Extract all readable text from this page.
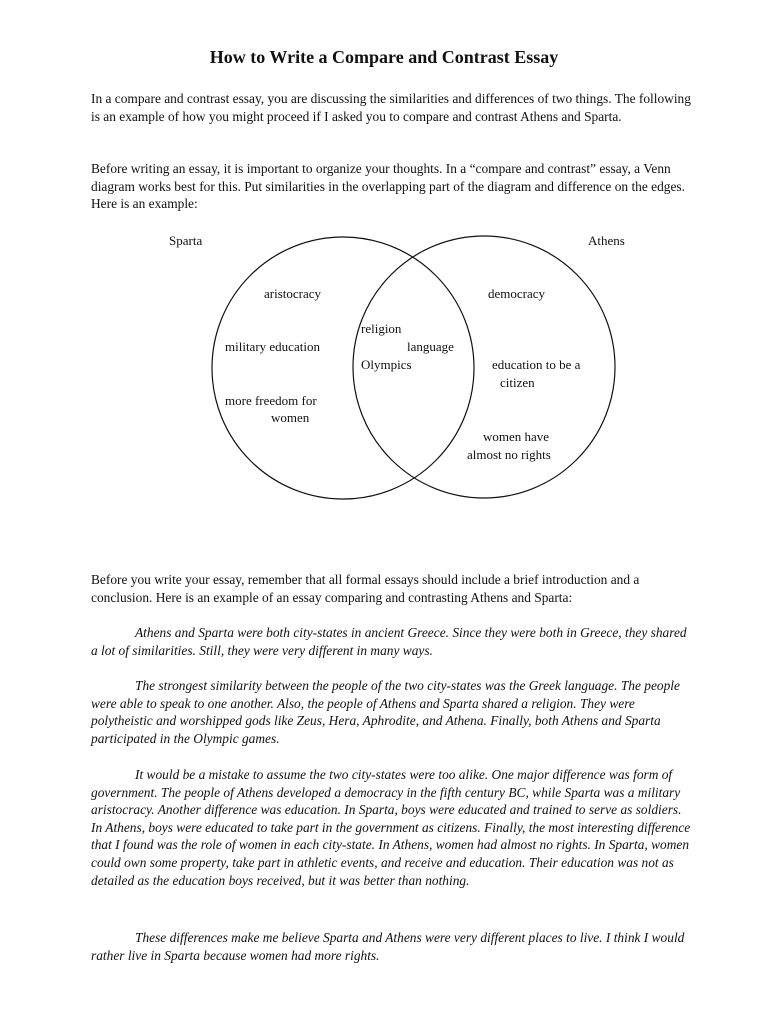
How to Write a Compare and Contrast Essay

In a compare and contrast essay, you are discussing the similarities and differences of two things. The following is an example of how you might proceed if I asked you to compare and contrast Athens and Sparta.

Before writing an essay, it is important to organize your thoughts. In a “compare and contrast” essay, a Venn diagram works best for this. Put similarities in the overlapping part of the diagram and difference on the edges. Here is an example:

Sparta	Athens
aristocracy
military education
more freedom for
women
religion
language
Olympics
democracy
education to be a
citizen
women have
almost no rights

Before you write your essay, remember that all formal essays should include a brief introduction and a conclusion. Here is an example of an essay comparing and contrasting Athens and Sparta:

Athens and Sparta were both city-states in ancient Greece. Since they were both in Greece, they shared a lot of similarities. Still, they were very different in many ways.

The strongest similarity between the people of the two city-states was the Greek language. The people were able to speak to one another. Also, the people of Athens and Sparta shared a religion. They were polytheistic and worshipped gods like Zeus, Hera, Aphrodite, and Athena. Finally, both Athens and Sparta participated in the Olympic games.

It would be a mistake to assume the two city-states were too alike. One major difference was form of government. The people of Athens developed a democracy in the fifth century BC, while Sparta was a military aristocracy. Another difference was education. In Sparta, boys were educated and trained to serve as soldiers. In Athens, boys were educated to take part in the government as citizens. Finally, the most interesting difference that I found was the role of women in each city-state. In Athens, women had almost no rights. In Sparta, women could own some property, take part in athletic events, and receive and education. Their education was not as detailed as the education boys received, but it was better than nothing.

These differences make me believe Sparta and Athens were very different places to live. I think I would rather live in Sparta because women had more rights.
